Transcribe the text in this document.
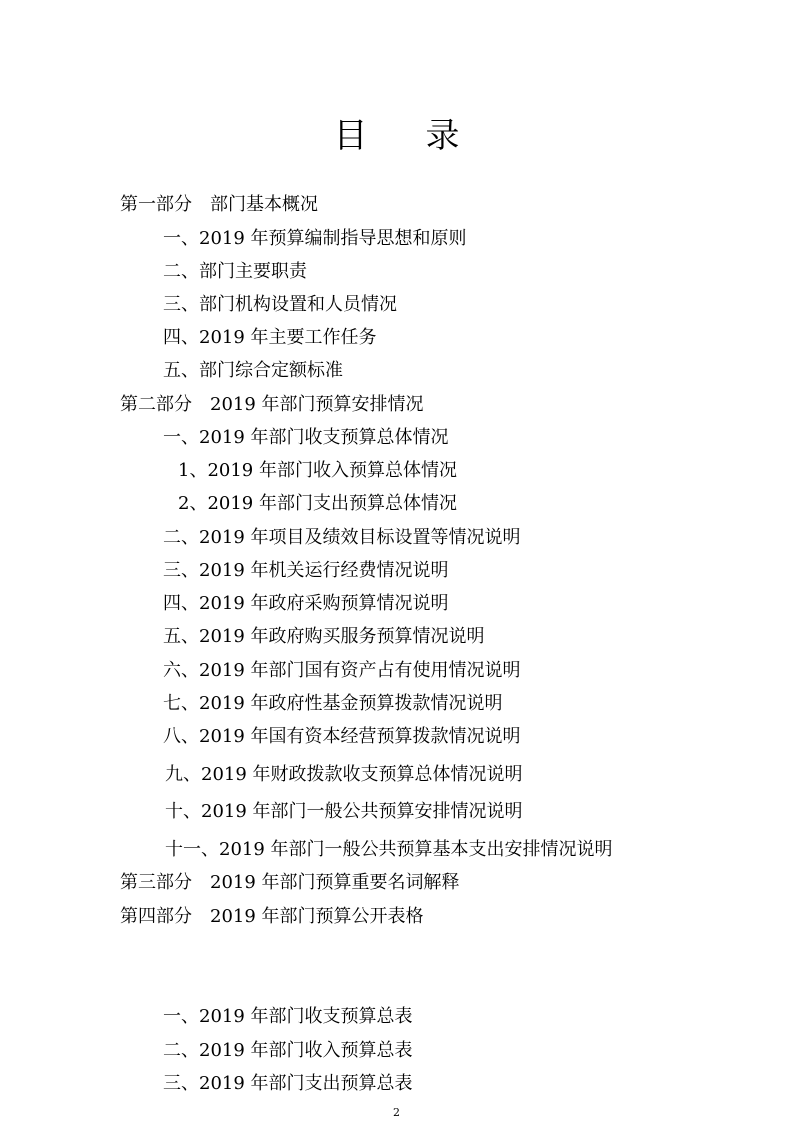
目录
第一部分　部门基本概况
一、2019 年预算编制指导思想和原则
二、部门主要职责
三、部门机构设置和人员情况
四、2019 年主要工作任务
五、部门综合定额标准
第二部分　2019 年部门预算安排情况
一、2019 年部门收支预算总体情况
1、2019 年部门收入预算总体情况
2、2019 年部门支出预算总体情况
二、2019 年项目及绩效目标设置等情况说明
三、2019 年机关运行经费情况说明
四、2019 年政府采购预算情况说明
五、2019 年政府购买服务预算情况说明
六、2019 年部门国有资产占有使用情况说明
七、2019 年政府性基金预算拨款情况说明
八、2019 年国有资本经营预算拨款情况说明
九、2019 年财政拨款收支预算总体情况说明
十、2019 年部门一般公共预算安排情况说明
十一、2019 年部门一般公共预算基本支出安排情况说明
第三部分　2019 年部门预算重要名词解释
第四部分　2019 年部门预算公开表格
一、2019 年部门收支预算总表
二、2019 年部门收入预算总表
三、2019 年部门支出预算总表
2
